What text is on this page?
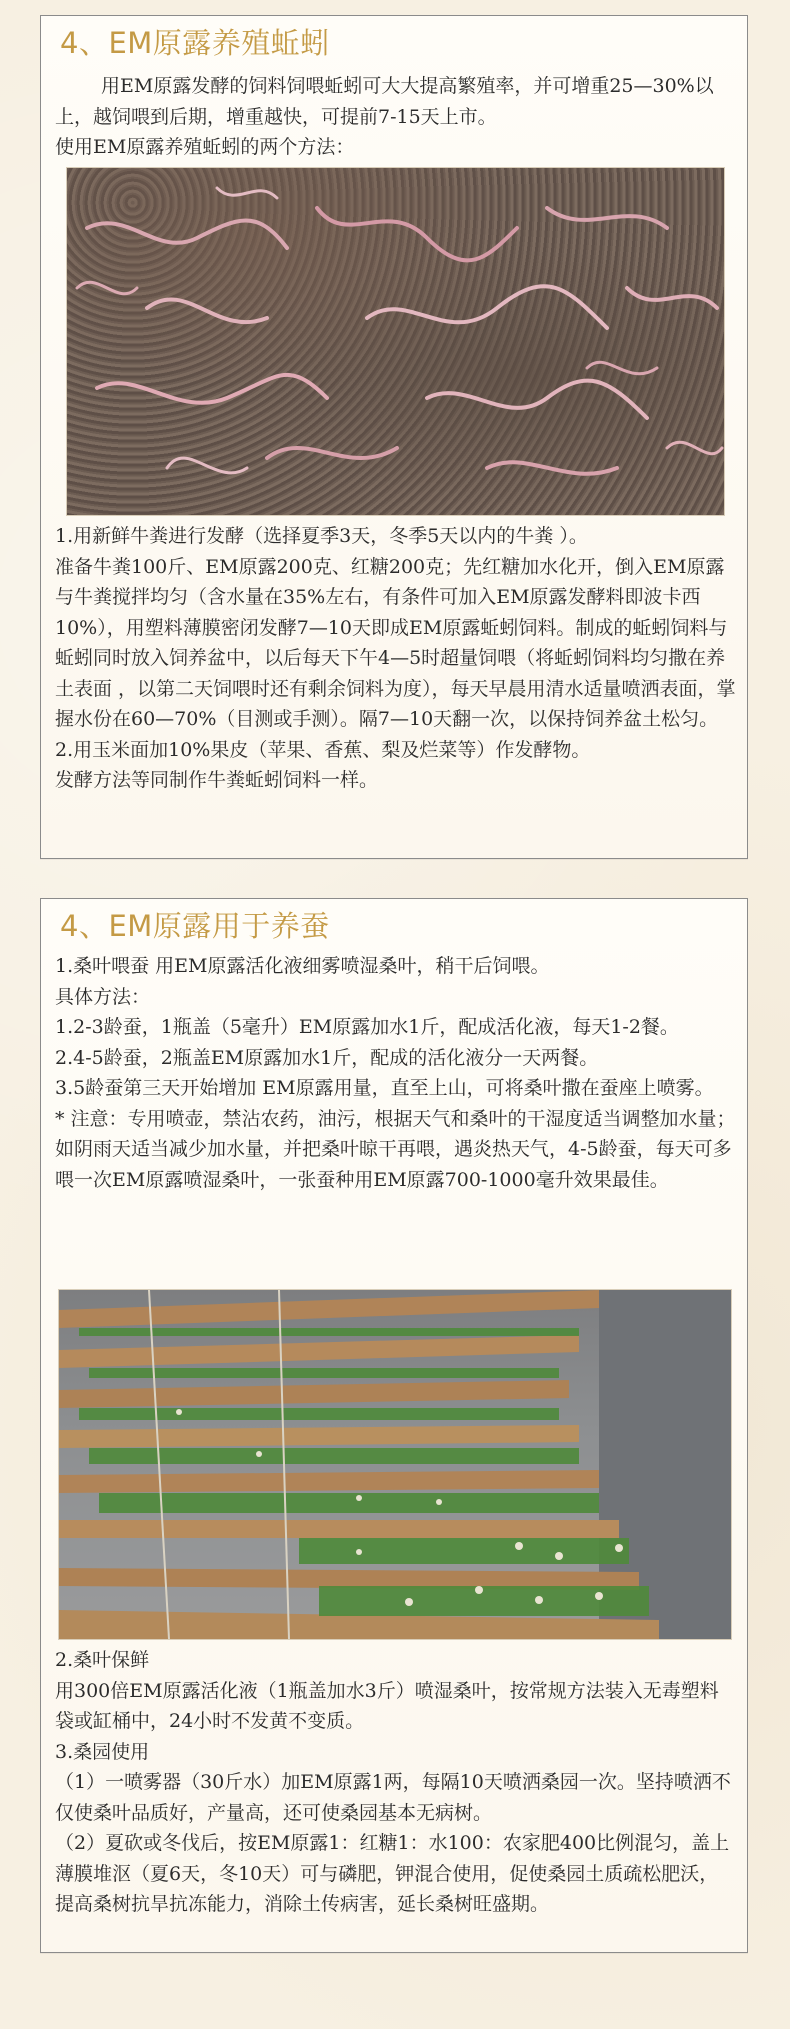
4、EM原露养殖蚯蚓

用EM原露发酵的饲料饲喂蚯蚓可大大提高繁殖率，并可增重25—30%以上，越饲喂到后期，增重越快，可提前7-15天上市。

使用EM原露养殖蚯蚓的两个方法：

1.用新鲜牛粪进行发酵（选择夏季3天，冬季5天以内的牛粪 ）。

准备牛粪100斤、EM原露200克、红糖200克；先红糖加水化开，倒入EM原露与牛粪搅拌均匀（含水量在35%左右，有条件可加入EM原露发酵料即波卡西10%），用塑料薄膜密闭发酵7—10天即成EM原露蚯蚓饲料。制成的蚯蚓饲料与蚯蚓同时放入饲养盆中，以后每天下午4—5时超量饲喂（将蚯蚓饲料均匀撒在养土表面 ，以第二天饲喂时还有剩余饲料为度），每天早晨用清水适量喷洒表面，掌握水份在60—70%（目测或手测）。隔7—10天翻一次，以保持饲养盆土松匀。

2.用玉米面加10%果皮（苹果、香蕉、梨及烂菜等）作发酵物。

发酵方法等同制作牛粪蚯蚓饲料一样。

4、EM原露用于养蚕

1.桑叶喂蚕 用EM原露活化液细雾喷湿桑叶，稍干后饲喂。

具体方法：

1.2-3龄蚕，1瓶盖（5毫升）EM原露加水1斤，配成活化液，每天1-2餐。

2.4-5龄蚕，2瓶盖EM原露加水1斤，配成的活化液分一天两餐。

3.5龄蚕第三天开始增加 EM原露用量，直至上山，可将桑叶撒在蚕座上喷雾。

* 注意：专用喷壶，禁沾农药，油污，根据天气和桑叶的干湿度适当调整加水量；如阴雨天适当减少加水量，并把桑叶晾干再喂，遇炎热天气，4-5龄蚕，每天可多喂一次EM原露喷湿桑叶，一张蚕种用EM原露700-1000毫升效果最佳。

2.桑叶保鲜

用300倍EM原露活化液（1瓶盖加水3斤）喷湿桑叶，按常规方法装入无毒塑料袋或缸桶中，24小时不发黄不变质。

3.桑园使用

（1）一喷雾器（30斤水）加EM原露1两，每隔10天喷洒桑园一次。坚持喷洒不仅使桑叶品质好，产量高，还可使桑园基本无病树。

（2）夏砍或冬伐后，按EM原露1：红糖1：水100：农家肥400比例混匀，盖上薄膜堆沤（夏6天，冬10天）可与磷肥，钾混合使用，促使桑园土质疏松肥沃，提高桑树抗旱抗冻能力，消除土传病害，延长桑树旺盛期。
